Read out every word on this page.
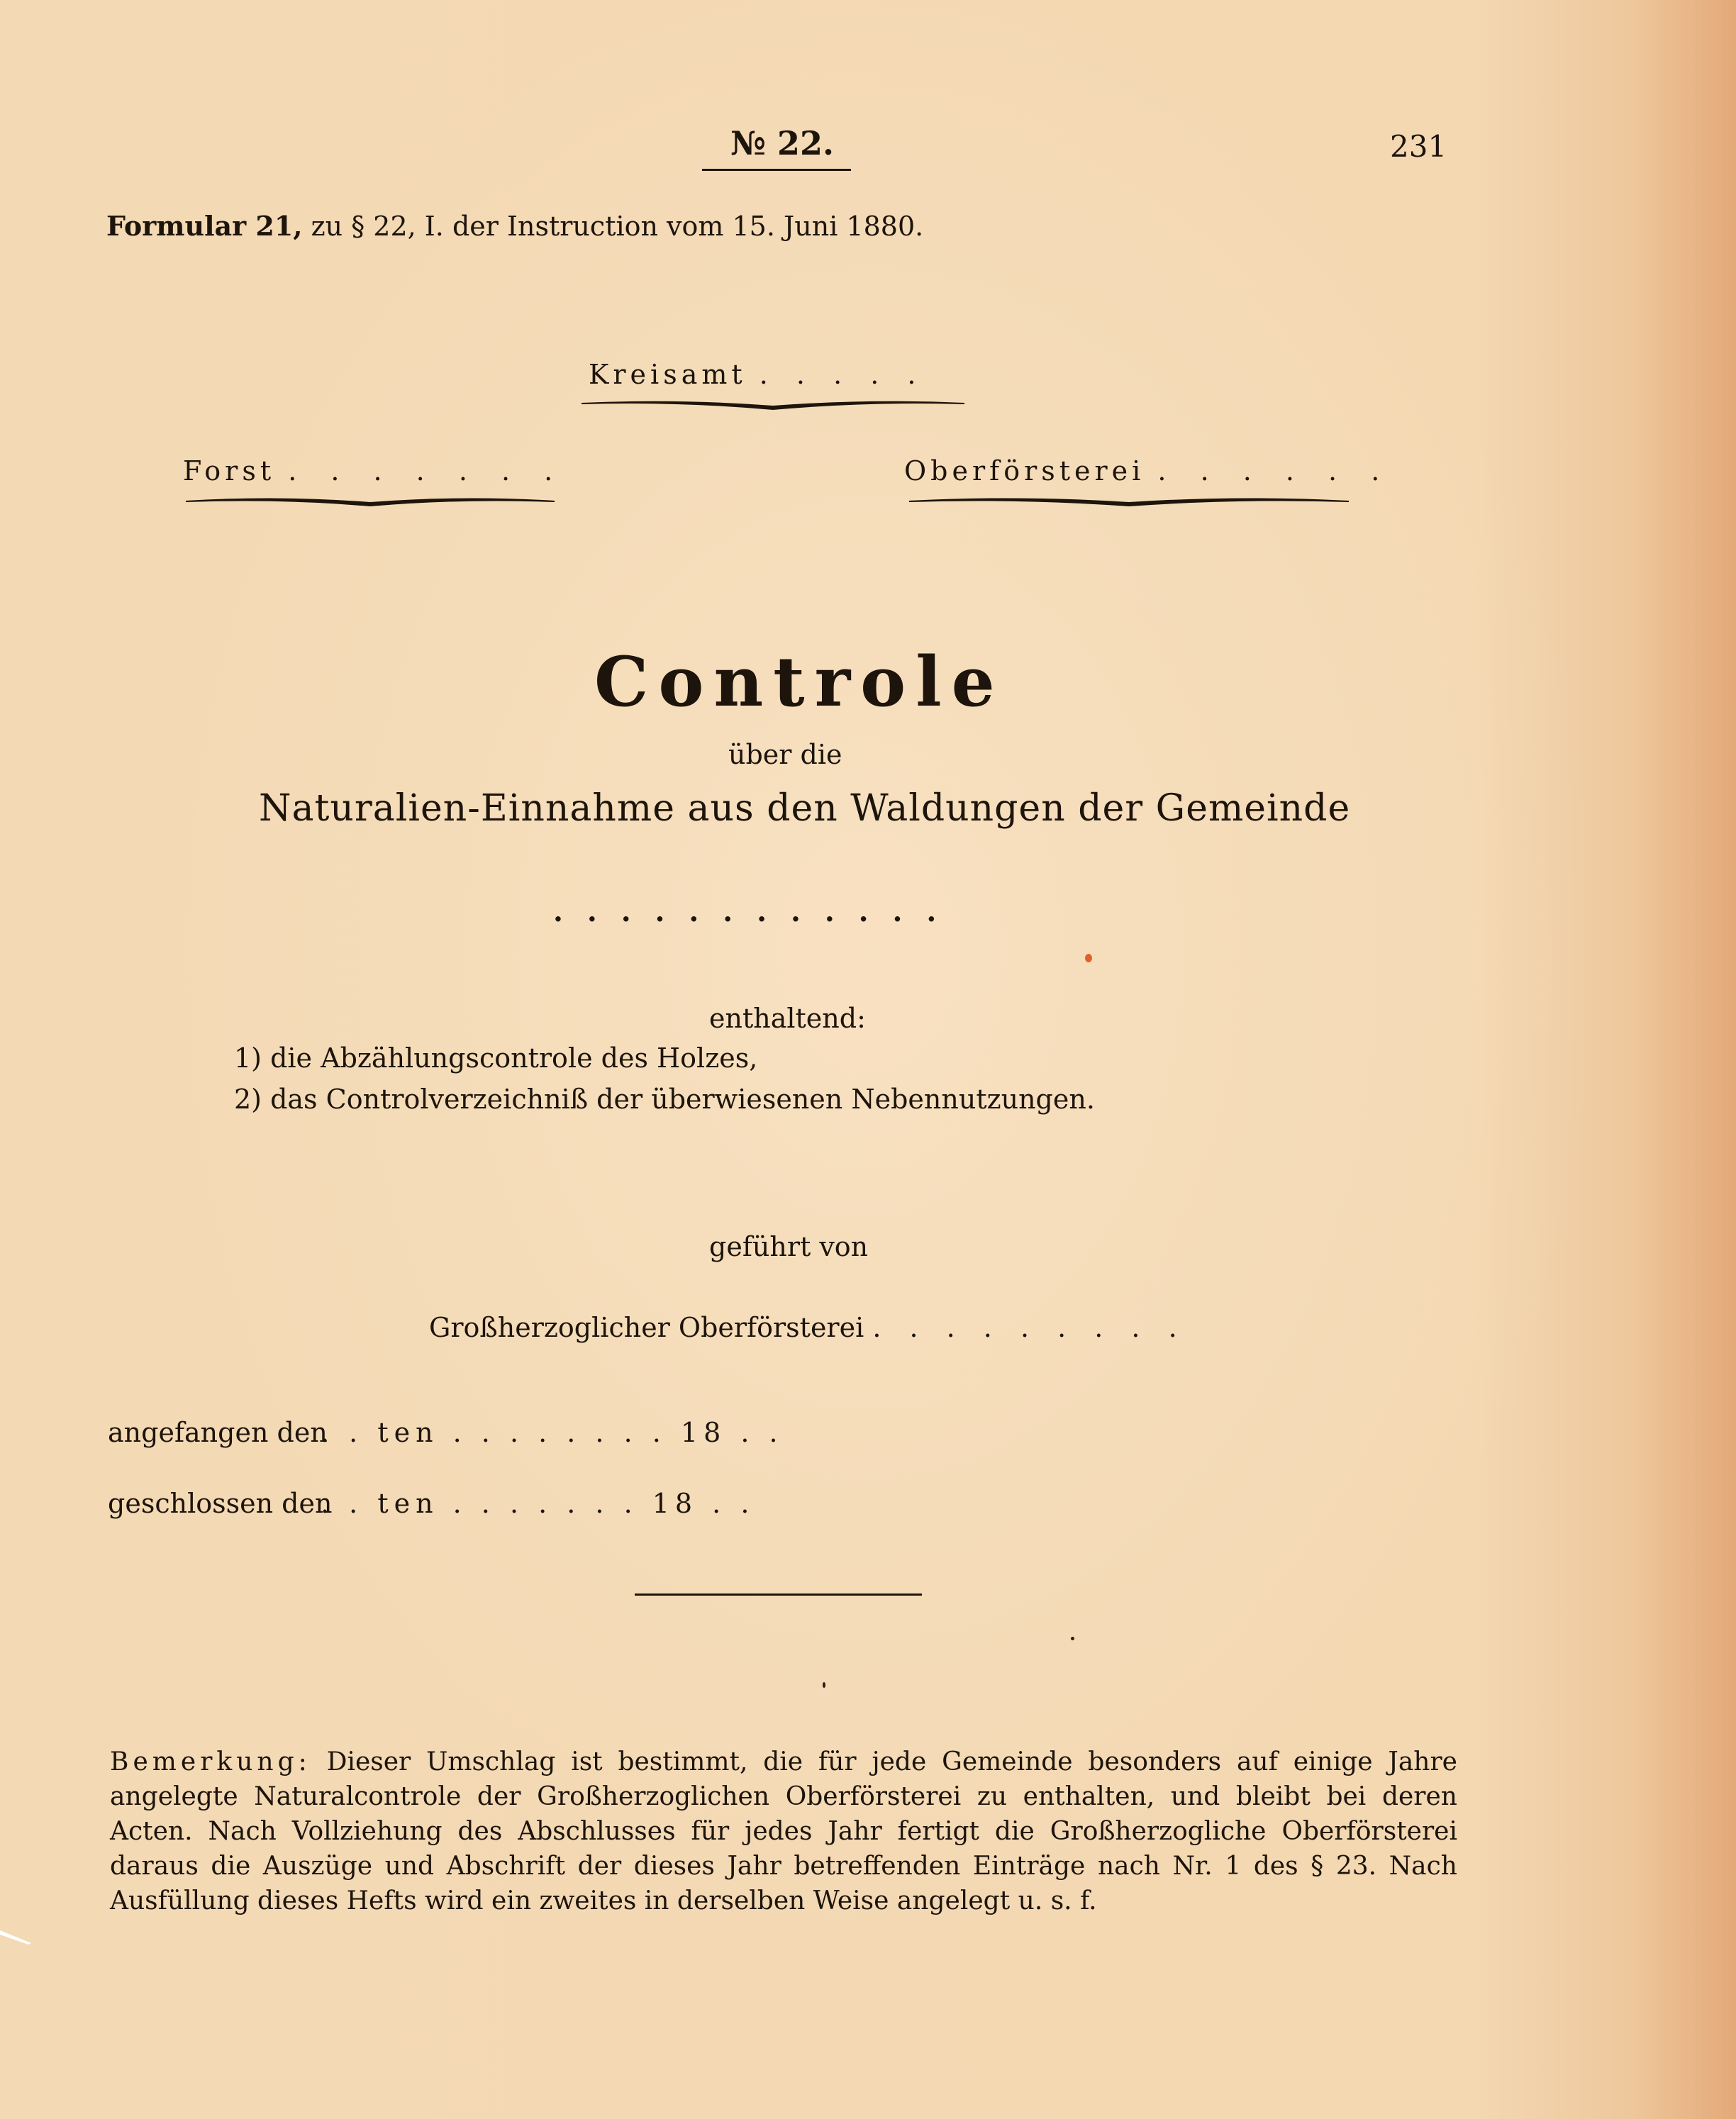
№ 22.	231
Formular 21, zu § 22, I. der Instruction vom 15. Juni 1880.
Kreisamt . . . . .
Forst . . . . . . .	Oberförsterei . . . . . .
Controle
über die
Naturalien-Einnahme aus den Waldungen der Gemeinde
. . . . . . . . . . . .
enthaltend:
1) die Abzählungscontrole des Holzes,
2) das Controlverzeichniß der überwiesenen Nebennutzungen.
geführt von
Großherzoglicher Oberförsterei . . . . . . . . .
angefangen den
. . ten . . . . . . . . 18 . .
geschlossen den
. . ten . . . . . . . 18 . .
Bemerkung: Dieser Umschlag ist bestimmt, die für jede Gemeinde besonders auf einige Jahre angelegte Naturalcontrole der Großherzoglichen Oberförsterei zu enthalten, und bleibt bei deren Acten. Nach Vollziehung des Abschlusses für jedes Jahr fertigt die Großherzogliche Oberförsterei daraus die Auszüge und Abschrift der dieses Jahr betreffenden Einträge nach Nr. 1 des § 23. Nach Ausfüllung dieses Hefts wird ein zweites in derselben Weise angelegt u. s. f.
